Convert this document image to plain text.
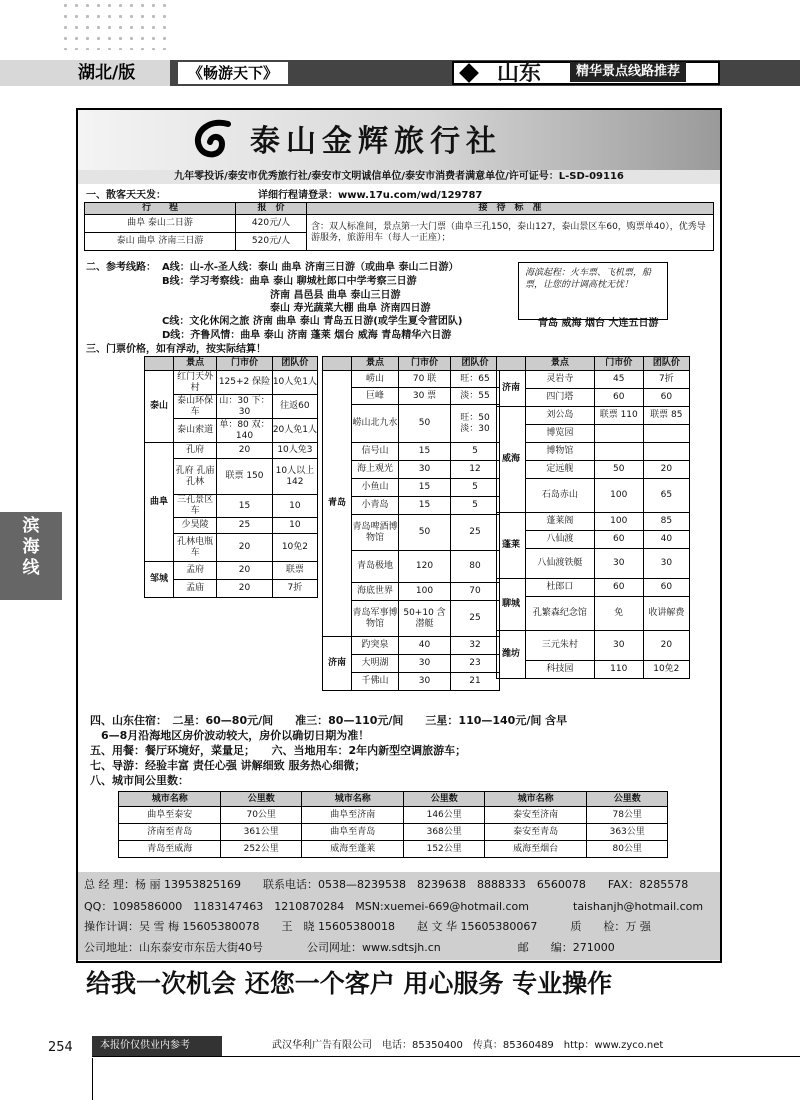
湖北/版	《畅游天下》	山东	精华景点线路推荐
滨海线
泰山金辉旅行社
九年零投诉/泰安市优秀旅行社/泰安市文明诚信单位/泰安市消费者满意单位/许可证号：L-SD-09116
一、散客天天发：	详细行程请登录：www.17u.com/wd/129787
行　　程	报　价	接　待　标　准
曲阜 泰山二日游	420元/人	含：双人标准间，景点第一大门票（曲阜三孔150，泰山127，泰山景区车60，购票单40），优秀导游服务，旅游用车（每人一正座）；
泰山 曲阜 济南三日游	520元/人	
二、参考线路： A线：山-水-圣人线：泰山 曲阜 济南三日游（或曲阜 泰山二日游）
B线：学习考察线：曲阜 泰山 聊城杜郎口中学考察三日游
济南 昌邑县 曲阜 泰山三日游
泰山 寿光蔬菜大棚 曲阜 济南四日游
C线：文化休闲之旅 济南 曲阜 泰山 青岛五日游(或学生夏令营团队)
D线：齐鲁风情：曲阜 泰山 济南 蓬莱 烟台 威海 青岛精华六日游
海滨起程：火车票、飞机票，船票，让您的计调高枕无忧！
青岛 威海 烟台 大连五日游
三、门票价格，如有浮动，按实际结算！
	景点	门市价	团队价
泰山	红门天外村	125+2 保险	10人免1人
	泰山环保车	山：30 下：30	往返60
	泰山索道	单：80 双：140	20人免1人
曲阜	孔府	20	10人免3
	孔府 孔庙 孔林	联票 150	10人以上 142
	三孔景区车	15	10
	少昊陵	25	10
	孔林电瓶车	20	10免2
邹城	孟府	20	联票
	孟庙	20	7折
	景点	门市价	团队价
青岛	崂山	70 联	旺：65
	巨峰	30 票	淡：55
	崂山北九水	50	旺：50 淡：30
	信号山	15	5
	海上观光	30	12
	小鱼山	15	5
	小青岛	15	5
	青岛啤酒博物馆	50	25
	青岛极地	120	80
	海底世界	100	70
	青岛军事博物馆	50+10 含潜艇	25
济南	趵突泉	40	32
	大明湖	30	23
	千佛山	30	21
	景点	门市价	团队价
济南	灵岩寺	45	7折
	四门塔	60	60
威海	刘公岛	联票 110	联票 85
	博览园		
	博物馆		
	定远舰	50	20
	石岛赤山	100	65
蓬莱	蓬莱阁	100	85
	八仙渡	60	40
	八仙渡铁艇	30	30
聊城	杜郎口	60	60
	孔繁森纪念馆	免	收讲解费
潍坊	三元朱村	30	20
	科技园	110	10免2
四、山东住宿：　二星：60—80元/间　　准三：80—110元/间　　三星：110—140元/间 含早
　6—8月沿海地区房价波动较大，房价以确切日期为准！
五、用餐：餐厅环境好，菜量足；　　六、当地用车：2年内新型空调旅游车；
七、导游：经验丰富 责任心强 讲解细致 服务热心细微；
八、城市间公里数：
城市名称	公里数	城市名称	公里数	城市名称	公里数
曲阜至泰安	70公里	曲阜至济南	146公里	泰安至济南	78公里
济南至青岛	361公里	曲阜至青岛	368公里	泰安至青岛	363公里
青岛至威海	252公里	威海至蓬莱	152公里	威海至烟台	80公里
总 经 理：杨 丽 13953825169　　联系电话：0538—8239538　8239638　8888333　6560078　　FAX：8285578
QQ：1098586000　1183147463　1210870284　MSN:xuemei-669@hotmail.com　　　　taishanjh@hotmail.com
操作计调：吴 雪 梅 15605380078　　王　晓 15605380018　　赵 文 华 15605380067　　　质　　检：万 强
公司地址：山东泰安市东岳大街40号　　　　公司网址：www.sdtsjh.cn　　　　　　　邮　　编：271000
给我一次机会 还您一个客户 用心服务 专业操作
254	本报价仅供业内参考	武汉华利广告有限公司　电话：85350400　传真：85360489　http：www.zyco.net
